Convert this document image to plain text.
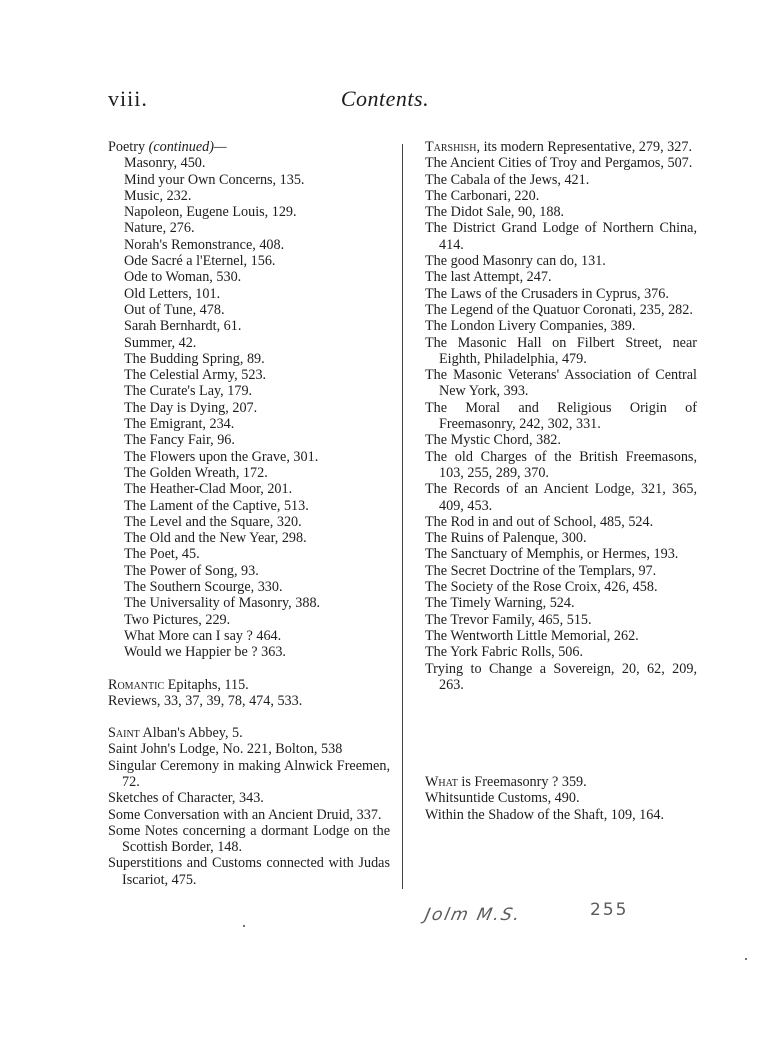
viii.	Contents.

Poetry (continued)—

Masonry, 450.

Mind your Own Concerns, 135.

Music, 232.

Napoleon, Eugene Louis, 129.

Nature, 276.

Norah's Remonstrance, 408.

Ode Sacré a l'Eternel, 156.

Ode to Woman, 530.

Old Letters, 101.

Out of Tune, 478.

Sarah Bernhardt, 61.

Summer, 42.

The Budding Spring, 89.

The Celestial Army, 523.

The Curate's Lay, 179.

The Day is Dying, 207.

The Emigrant, 234.

The Fancy Fair, 96.

The Flowers upon the Grave, 301.

The Golden Wreath, 172.

The Heather-Clad Moor, 201.

The Lament of the Captive, 513.

The Level and the Square, 320.

The Old and the New Year, 298.

The Poet, 45.

The Power of Song, 93.

The Southern Scourge, 330.

The Universality of Masonry, 388.

Two Pictures, 229.

What More can I say ? 464.

Would we Happier be ? 363.

Romantic Epitaphs, 115.

Reviews, 33, 37, 39, 78, 474, 533.

Saint Alban's Abbey, 5.

Saint John's Lodge, No. 221, Bolton, 538

Singular Ceremony in making Alnwick Freemen, 72.

Sketches of Character, 343.

Some Conversation with an Ancient Druid, 337.

Some Notes concerning a dormant Lodge on the Scottish Border, 148.

Superstitions and Customs connected with Judas Iscariot, 475.

Tarshish, its modern Representative, 279, 327.

The Ancient Cities of Troy and Pergamos, 507.

The Cabala of the Jews, 421.

The Carbonari, 220.

The Didot Sale, 90, 188.

The District Grand Lodge of Northern China, 414.

The good Masonry can do, 131.

The last Attempt, 247.

The Laws of the Crusaders in Cyprus, 376.

The Legend of the Quatuor Coronati, 235, 282.

The London Livery Companies, 389.

The Masonic Hall on Filbert Street, near Eighth, Philadelphia, 479.

The Masonic Veterans' Association of Central New York, 393.

The Moral and Religious Origin of Freemasonry, 242, 302, 331.

The Mystic Chord, 382.

The old Charges of the British Freemasons, 103, 255, 289, 370.

The Records of an Ancient Lodge, 321, 365, 409, 453.

The Rod in and out of School, 485, 524.

The Ruins of Palenque, 300.

The Sanctuary of Memphis, or Hermes, 193.

The Secret Doctrine of the Templars, 97.

The Society of the Rose Croix, 426, 458.

The Timely Warning, 524.

The Trevor Family, 465, 515.

The Wentworth Little Memorial, 262.

The York Fabric Rolls, 506.

Trying to Change a Sovereign, 20, 62, 209, 263.

What is Freemasonry ? 359.

Whitsuntide Customs, 490.

Within the Shadow of the Shaft, 109, 164.

Jolm M.S.	255
